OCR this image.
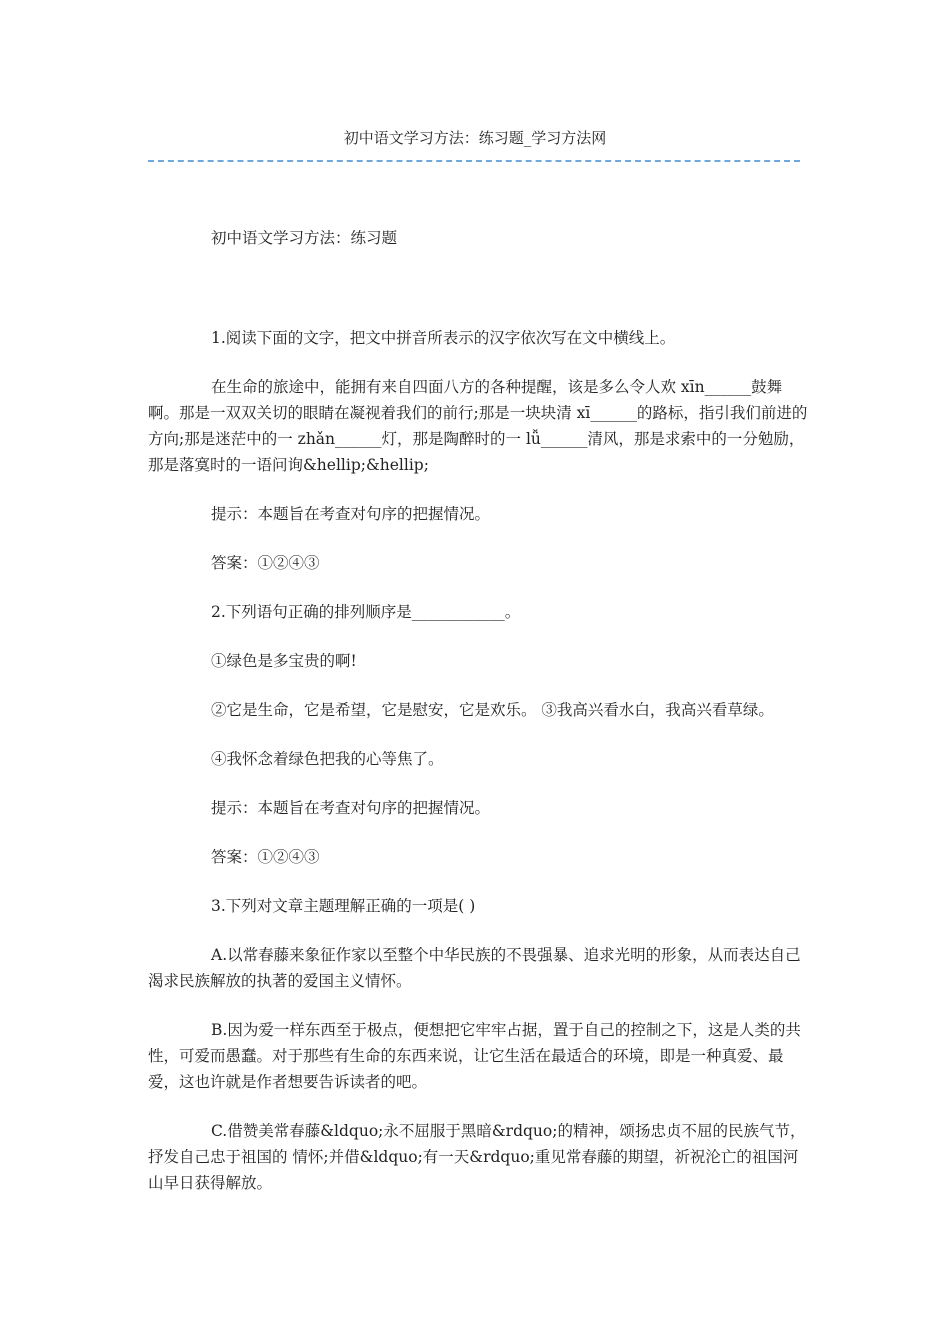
初中语文学习方法：练习题_学习方法网

初中语文学习方法：练习题

1.阅读下面的文字，把文中拼音所表示的汉字依次写在文中横线上。

在生命的旅途中，能拥有来自四面八方的各种提醒，该是多么令人欢 xīn______鼓舞啊。那是一双双关切的眼睛在凝视着我们的前行;那是一块块清 xī______的路标，指引我们前进的方向;那是迷茫中的一 zhǎn______灯，那是陶醉时的一 lǚ______清风，那是求索中的一分勉励，那是落寞时的一语问询&hellip;&hellip;

提示：本题旨在考查对句序的把握情况。

答案：①②④③

2.下列语句正确的排列顺序是____________。

①绿色是多宝贵的啊!

②它是生命，它是希望，它是慰安，它是欢乐。 ③我高兴看水白，我高兴看草绿。

④我怀念着绿色把我的心等焦了。

提示：本题旨在考查对句序的把握情况。

答案：①②④③

3.下列对文章主题理解正确的一项是( )

A.以常春藤来象征作家以至整个中华民族的不畏强暴、追求光明的形象，从而表达自己渴求民族解放的执著的爱国主义情怀。

B.因为爱一样东西至于极点，便想把它牢牢占据，置于自己的控制之下，这是人类的共性，可爱而愚蠢。对于那些有生命的东西来说，让它生活在最适合的环境，即是一种真爱、最爱，这也许就是作者想要告诉读者的吧。

C.借赞美常春藤&ldquo;永不屈服于黑暗&rdquo;的精神，颂扬忠贞不屈的民族气节，抒发自己忠于祖国的 情怀;并借&ldquo;有一天&rdquo;重见常春藤的期望，祈祝沦亡的祖国河山早日获得解放。
